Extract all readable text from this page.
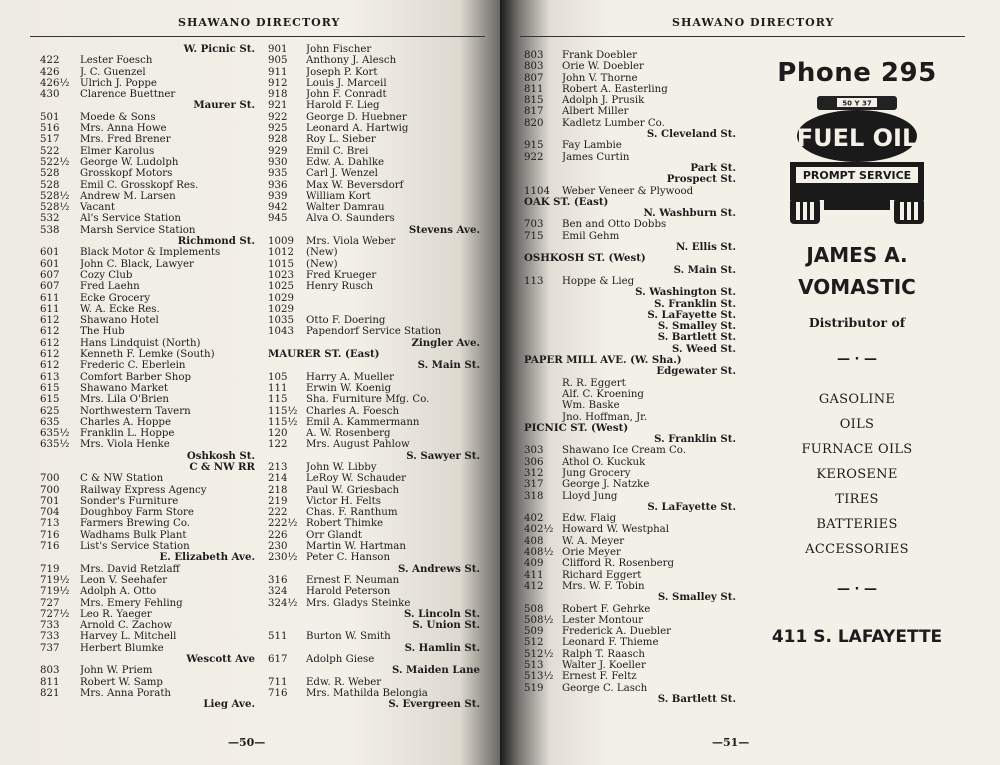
SHAWANO DIRECTORY
W. Picnic St.
422	Lester Foesch
426	J. C. Guenzel
426½	Ulrich J. Poppe
430	Clarence Buettner
Maurer St.
501	Moede & Sons
516	Mrs. Anna Howe
517	Mrs. Fred Brener
522	Elmer Karolus
522½	George W. Ludolph
528	Grosskopf Motors
528	Emil C. Grosskopf Res.
528½	Andrew M. Larsen
528½	Vacant
532	Al's Service Station
538	Marsh Service Station
Richmond St.
601	Black Motor & Implements
601	John C. Black, Lawyer
607	Cozy Club
607	Fred Laehn
611	Ecke Grocery
611	W. A. Ecke Res.
612	Shawano Hotel
612	The Hub
612	Hans Lindquist (North)
612	Kenneth F. Lemke (South)
612	Frederic C. Eberlein
613	Comfort Barber Shop
615	Shawano Market
615	Mrs. Lila O'Brien
625	Northwestern Tavern
635	Charles A. Hoppe
635½	Franklin L. Hoppe
635½	Mrs. Viola Henke
Oshkosh St.
C & NW RR
700	C & NW Station
700	Railway Express Agency
701	Sonder's Furniture
704	Doughboy Farm Store
713	Farmers Brewing Co.
716	Wadhams Bulk Plant
716	List's Service Station
E. Elizabeth Ave.
719	Mrs. David Retzlaff
719½	Leon V. Seehafer
719½	Adolph A. Otto
727	Mrs. Emery Fehling
727½	Leo R. Yaeger
733	Arnold C. Zachow
733	Harvey L. Mitchell
737	Herbert Blumke
Wescott Ave
803	John W. Priem
811	Robert W. Samp
821	Mrs. Anna Porath
Lieg Ave.
901	John Fischer
905	Anthony J. Alesch
911	Joseph P. Kort
912	Louis J. Marceil
918	John F. Conradt
921	Harold F. Lieg
922	George D. Huebner
925	Leonard A. Hartwig
928	Roy L. Sieber
929	Emil C. Brei
930	Edw. A. Dahlke
935	Carl J. Wenzel
936	Max W. Beversdorf
939	William Kort
942	Walter Damrau
945	Alva O. Saunders
Stevens Ave.
1009	Mrs. Viola Weber
1012	(New)
1015	(New)
1023	Fred Krueger
1025	Henry Rusch
1029
1029
1035	Otto F. Doering
1043	Papendorf Service Station
Zingler Ave.
MAURER ST. (East)
S. Main St.
105	Harry A. Mueller
111	Erwin W. Koenig
115	Sha. Furniture Mfg. Co.
115½ Charles A. Foesch
115½ Emil A. Kammermann
120	A. W. Rosenberg
122	Mrs. August Pahlow
S. Sawyer St.
213	John W. Libby
214	LeRoy W. Schauder
218	Paul W. Griesbach
219	Victor H. Felts
222	Chas. F. Ranthum
222½ Robert Thimke
226	Orr Glandt
230	Martin W. Hartman
230½ Peter C. Hanson
S. Andrews St.
316	Ernest F. Neuman
324	Harold Peterson
324½ Mrs. Gladys Steinke
S. Lincoln St.
S. Union St.
511	Burton W. Smith
S. Hamlin St.
617	Adolph Giese
S. Maiden Lane
711	Edw. R. Weber
716	Mrs. Mathilda Belongia
S. Evergreen St.
—50—
SHAWANO DIRECTORY
803	Frank Doebler
803	Orie W. Doebler
807	John V. Thorne
811	Robert A. Easterling
815	Adolph J. Prusik
817	Albert Miller
820	Kadletz Lumber Co.
S. Cleveland St.
915	Fay Lambie
922	James Curtin
Park St.
Prospect St.
1104	Weber Veneer & Plywood
OAK ST. (East)
N. Washburn St.
703	Ben and Otto Dobbs
715	Emil Gehm
N. Ellis St.
OSHKOSH ST. (West)
S. Main St.
113	Hoppe & Lieg
S. Washington St.
S. Franklin St.
S. LaFayette St.
S. Smalley St.
S. Bartlett St.
S. Weed St.
PAPER MILL AVE. (W. Sha.)
Edgewater St.
R. R. Eggert
Alf. C. Kroening
Wm. Baske
Jno. Hoffman, Jr.
PICNIC ST. (West)
S. Franklin St.
303	Shawano Ice Cream Co.
306	Athol O. Kuckuk
312	Jung Grocery
317	George J. Natzke
318	Lloyd Jung
S. LaFayette St.
402	Edw. Flaig
402½ Howard W. Westphal
408	W. A. Meyer
408½ Orie Meyer
409	Clifford R. Rosenberg
411	Richard Eggert
412	Mrs. W. F. Tobin
S. Smalley St.
508	Robert F. Gehrke
508½ Lester Montour
509	Frederick A. Duebler
512	Leonard F. Thieme
512½ Ralph T. Raasch
513	Walter J. Koeller
513½ Ernest F. Feltz
519	George C. Lasch
S. Bartlett St.
—51—
Phone 295
50 Y 37
FUEL OIL
PROMPT SERVICE
JAMES A.
VOMASTIC
Distributor of
— · —
GASOLINE
OILS
FURNACE OILS
KEROSENE
TIRES
BATTERIES
ACCESSORIES
— · —
411 S. LAFAYETTE
